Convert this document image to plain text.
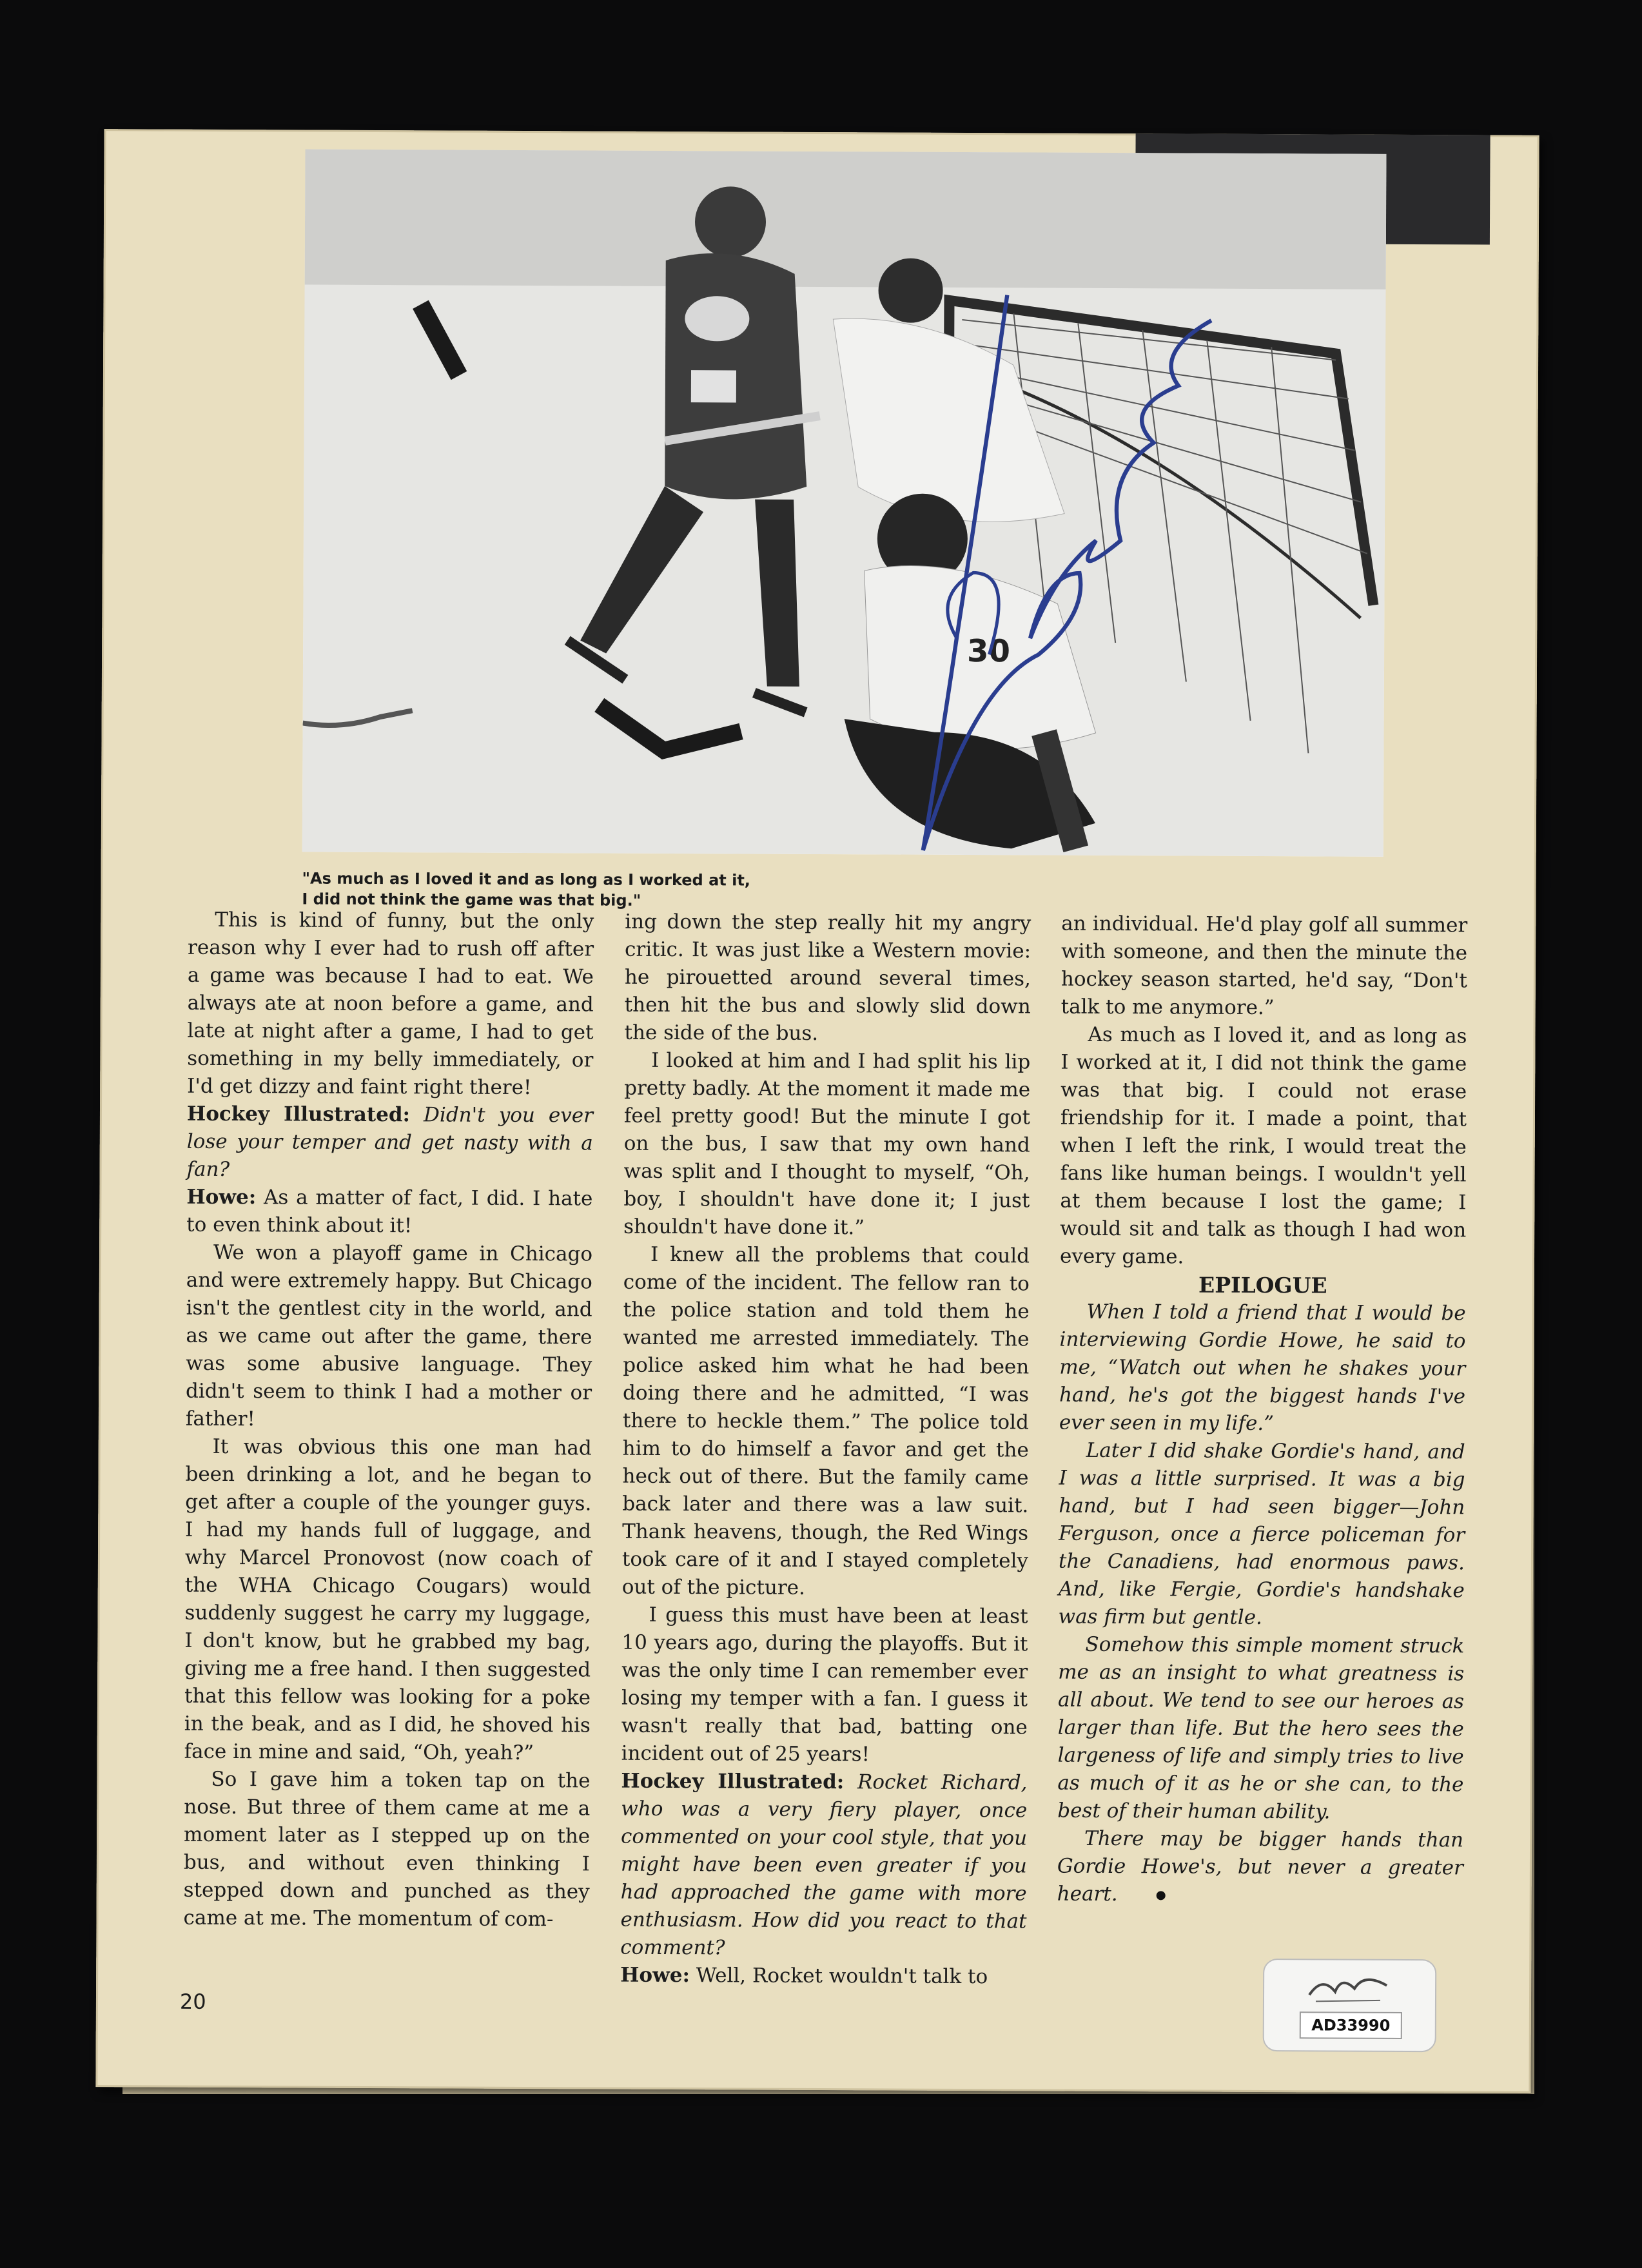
30
"As much as I loved it and as long as I worked at it,
I did not think the game was that big."

This is kind of funny, but the only reason why I ever had to rush off after a game was because I had to eat. We always ate at noon before a game, and late at night after a game, I had to get something in my belly immediately, or I'd get dizzy and faint right there!

Hockey Illustrated: Didn't you ever lose your temper and get nasty with a fan?

Howe: As a matter of fact, I did. I hate to even think about it!

We won a playoff game in Chicago and were extremely happy. But Chicago isn't the gentlest city in the world, and as we came out after the game, there was some abusive language. They didn't seem to think I had a mother or father!

It was obvious this one man had been drinking a lot, and he began to get after a couple of the younger guys. I had my hands full of luggage, and why Marcel Pronovost (now coach of the WHA Chicago Cougars) would suddenly suggest he carry my luggage, I don't know, but he grabbed my bag, giving me a free hand. I then suggested that this fellow was looking for a poke in the beak, and as I did, he shoved his face in mine and said, “Oh, yeah?”

So I gave him a token tap on the nose. But three of them came at me a moment later as I stepped up on the bus, and without even thinking I stepped down and punched as they came at me. The momentum of com-

ing down the step really hit my angry critic. It was just like a Western movie: he pirouetted around several times, then hit the bus and slowly slid down the side of the bus.

I looked at him and I had split his lip pretty badly. At the moment it made me feel pretty good! But the minute I got on the bus, I saw that my own hand was split and I thought to myself, “Oh, boy, I shouldn't have done it; I just shouldn't have done it.”

I knew all the problems that could come of the incident. The fellow ran to the police station and told them he wanted me arrested immediately. The police asked him what he had been doing there and he admitted, “I was there to heckle them.” The police told him to do himself a favor and get the heck out of there. But the family came back later and there was a law suit. Thank heavens, though, the Red Wings took care of it and I stayed completely out of the picture.

I guess this must have been at least 10 years ago, during the playoffs. But it was the only time I can remember ever losing my temper with a fan. I guess it wasn't really that bad, batting one incident out of 25 years!

Hockey Illustrated: Rocket Richard, who was a very fiery player, once commented on your cool style, that you might have been even greater if you had approached the game with more enthusiasm. How did you react to that comment?

Howe: Well, Rocket wouldn't talk to

an individual. He'd play golf all summer with someone, and then the minute the hockey season started, he'd say, “Don't talk to me anymore.”

As much as I loved it, and as long as I worked at it, I did not think the game was that big. I could not erase friendship for it. I made a point, that when I left the rink, I would treat the fans like human beings. I wouldn't yell at them because I lost the game; I would sit and talk as though I had won every game.

EPILOGUE

When I told a friend that I would be interviewing Gordie Howe, he said to me, “Watch out when he shakes your hand, he's got the biggest hands I've ever seen in my life.”

Later I did shake Gordie's hand, and I was a little surprised. It was a big hand, but I had seen bigger—John Ferguson, once a fierce policeman for the Canadiens, had enormous paws. And, like Fergie, Gordie's handshake was firm but gentle.

Somehow this simple moment struck me as an insight to what greatness is all about. We tend to see our heroes as larger than life. But the hero sees the largeness of life and simply tries to live as much of it as he or she can, to the best of their human ability.

There may be bigger hands than Gordie Howe's, but never a greater heart.

20
AD33990
